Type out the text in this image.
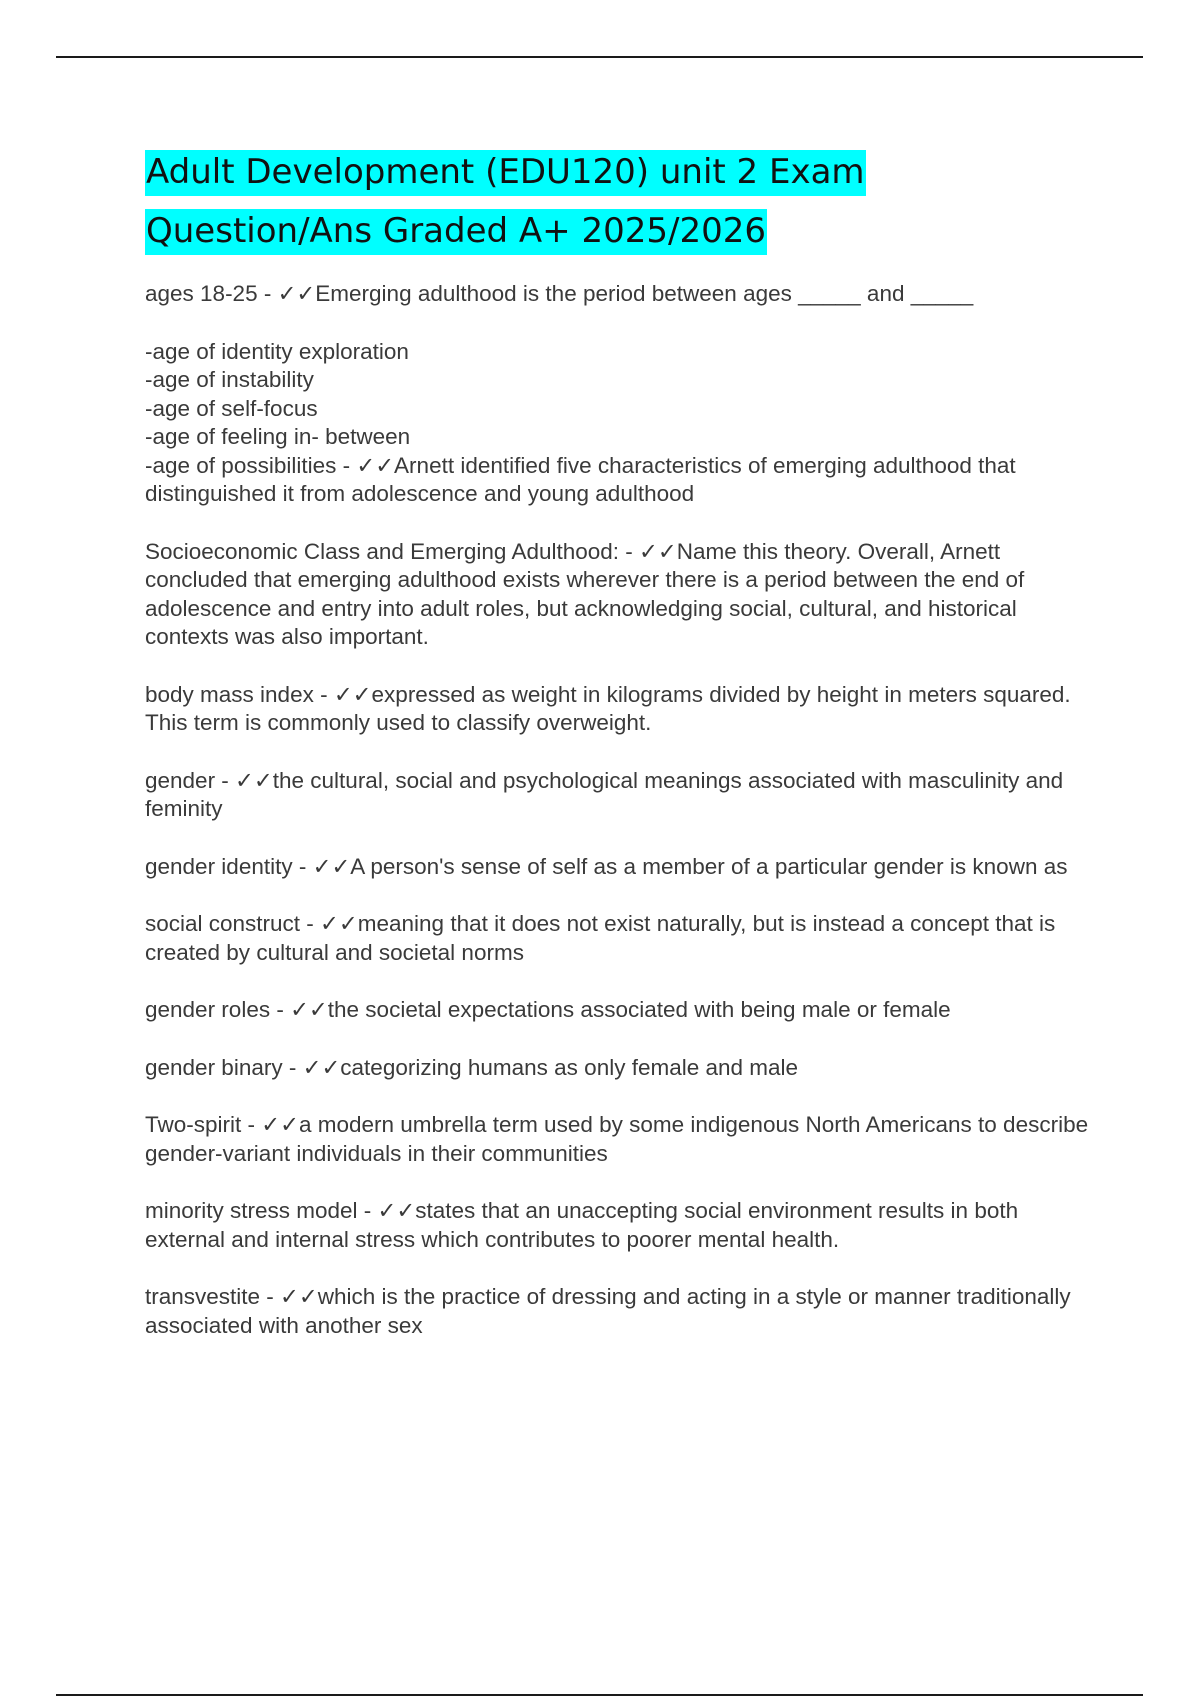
Adult Development (EDU120) unit 2 Exam
Question/Ans Graded A+ 2025/2026

ages 18-25 - ✓✓Emerging adulthood is the period between ages _____ and _____

-age of identity exploration
-age of instability
-age of self-focus
-age of feeling in- between
-age of possibilities - ✓✓Arnett identified five characteristics of emerging adulthood that distinguished it from adolescence and young adulthood

Socioeconomic Class and Emerging Adulthood: - ✓✓Name this theory. Overall, Arnett concluded that emerging adulthood exists wherever there is a period between the end of adolescence and entry into adult roles, but acknowledging social, cultural, and historical contexts was also important.

body mass index - ✓✓expressed as weight in kilograms divided by height in meters squared. This term is commonly used to classify overweight.

gender - ✓✓the cultural, social and psychological meanings associated with masculinity and feminity

gender identity - ✓✓A person's sense of self as a member of a particular gender is known as

social construct - ✓✓meaning that it does not exist naturally, but is instead a concept that is created by cultural and societal norms

gender roles - ✓✓the societal expectations associated with being male or female

gender binary - ✓✓categorizing humans as only female and male

Two-spirit - ✓✓a modern umbrella term used by some indigenous North Americans to describe gender-variant individuals in their communities

minority stress model - ✓✓states that an unaccepting social environment results in both external and internal stress which contributes to poorer mental health.

transvestite - ✓✓which is the practice of dressing and acting in a style or manner traditionally associated with another sex
